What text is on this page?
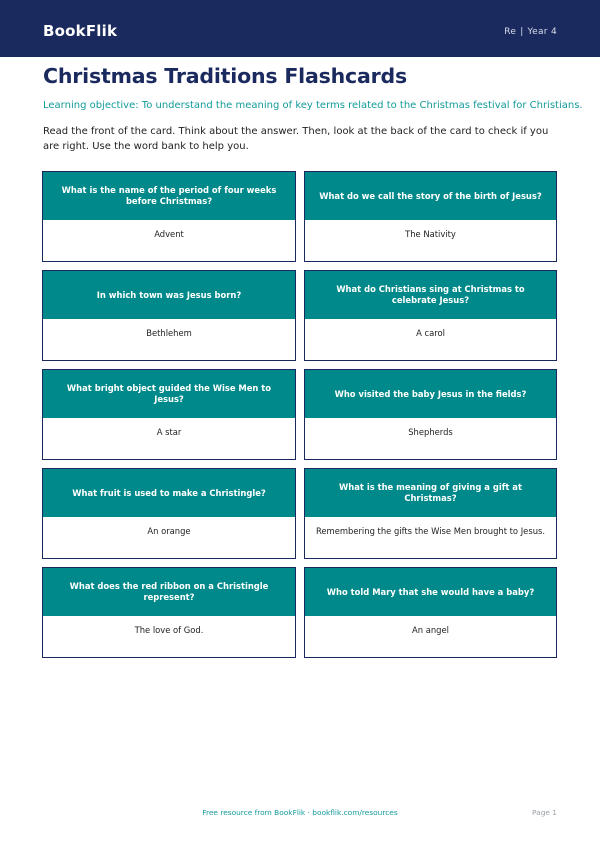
BookFlik	Re | Year 4
Christmas Traditions Flashcards
Learning objective: To understand the meaning of key terms related to the Christmas festival for Christians.
Read the front of the card. Think about the answer. Then, look at the back of the card to check if you are right. Use the word bank to help you.
What is the name of the period of four weeks before Christmas?
Advent
What do we call the story of the birth of Jesus?
The Nativity
In which town was Jesus born?
Bethlehem
What do Christians sing at Christmas to celebrate Jesus?
A carol
What bright object guided the Wise Men to Jesus?
A star
Who visited the baby Jesus in the fields?
Shepherds
What fruit is used to make a Christingle?
An orange
What is the meaning of giving a gift at Christmas?
Remembering the gifts the Wise Men brought to Jesus.
What does the red ribbon on a Christingle represent?
The love of God.
Who told Mary that she would have a baby?
An angel
Free resource from BookFlik · bookflik.com/resources	Page 1
